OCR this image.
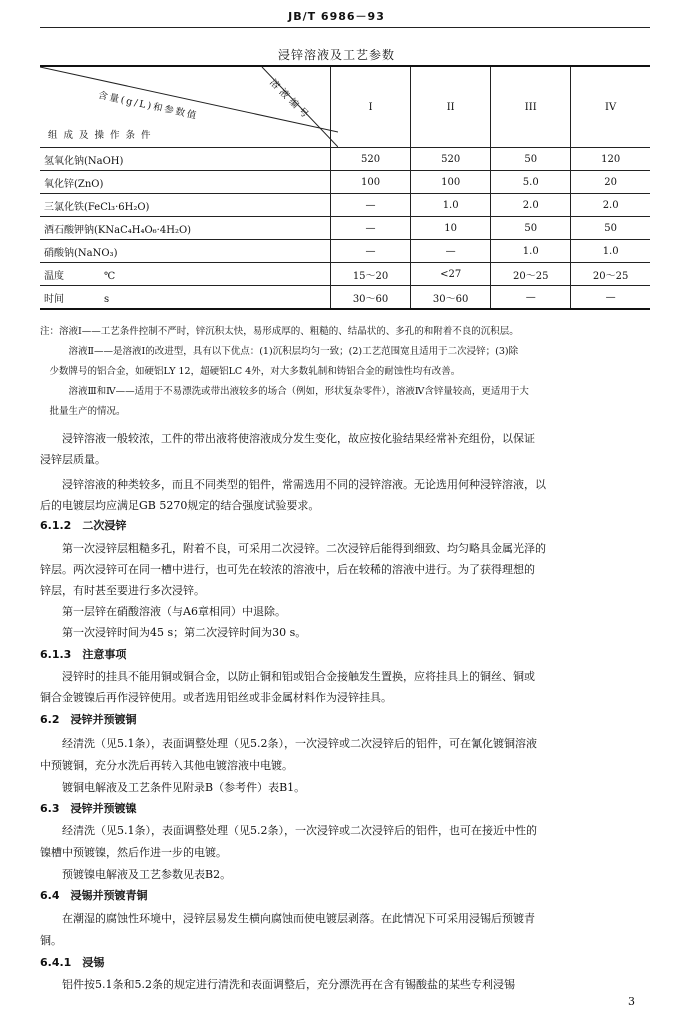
JB/T 6986－93
浸锌溶液及工艺参数
含量(g/L)和参数值 溶液编号
组成及操作条件	I	II	III	IV
氢氧化钠(NaOH)	520	520	50	120
氧化锌(ZnO)	100	100	5.0	20
三氯化铁(FeCl₃·6H₂O)	—	1.0	2.0	2.0
酒石酸钾钠(KNaC₄H₄O₆·4H₂O)	—	10	50	50
硝酸钠(NaNO₃)	—	—	1.0	1.0
温度 ℃	15～20	<27	20～25	20～25
时间 s	30～60	30～60	—	—
注：溶液Ⅰ——工艺条件控制不严时，锌沉积太快，易形成厚的、粗糙的、结晶状的、多孔的和附着不良的沉积层。
溶液Ⅱ——是溶液Ⅰ的改进型，具有以下优点：(1)沉积层均匀一致；(2)工艺范围宽且适用于二次浸锌；(3)除
少数牌号的铝合金，如硬铝LY 12，超硬铝LC 4外，对大多数轧制和铸铝合金的耐蚀性均有改善。
溶液Ⅲ和Ⅳ——适用于不易漂洗或带出液较多的场合（例如，形状复杂零件），溶液Ⅳ含锌量较高，更适用于大
批量生产的情况。
浸锌溶液一般较浓，工件的带出液将使溶液成分发生变化，故应按化验结果经常补充组份，以保证
浸锌层质量。
浸锌溶液的种类较多，而且不同类型的铝件，常需选用不同的浸锌溶液。无论选用何种浸锌溶液，以
后的电镀层均应满足GB 5270规定的结合强度试验要求。
6.1.2　二次浸锌
第一次浸锌层粗糙多孔，附着不良，可采用二次浸锌。二次浸锌后能得到细致、均匀略具金属光泽的
锌层。两次浸锌可在同一槽中进行，也可先在较浓的溶液中，后在较稀的溶液中进行。为了获得理想的
锌层，有时甚至要进行多次浸锌。
第一层锌在硝酸溶液（与A6章相同）中退除。
第一次浸锌时间为45 s；第二次浸锌时间为30 s。
6.1.3　注意事项
浸锌时的挂具不能用铜或铜合金，以防止铜和铝或铝合金接触发生置换，应将挂具上的铜丝、铜或
铜合金镀镍后再作浸锌使用。或者选用铝丝或非金属材料作为浸锌挂具。
6.2　浸锌并预镀铜
经清洗（见5.1条），表面调整处理（见5.2条），一次浸锌或二次浸锌后的铝件，可在氰化镀铜溶液
中预镀铜，充分水洗后再转入其他电镀溶液中电镀。
镀铜电解液及工艺条件见附录B（参考件）表B1。
6.3　浸锌并预镀镍
经清洗（见5.1条），表面调整处理（见5.2条），一次浸锌或二次浸锌后的铝件，也可在接近中性的
镍槽中预镀镍，然后作进一步的电镀。
预镀镍电解液及工艺参数见表B2。
6.4　浸锡并预镀青铜
在潮湿的腐蚀性环境中，浸锌层易发生横向腐蚀而使电镀层剥落。在此情况下可采用浸锡后预镀青
铜。
6.4.1　浸锡
铝件按5.1条和5.2条的规定进行清洗和表面调整后，充分漂洗再在含有锡酸盐的某些专利浸锡
3
